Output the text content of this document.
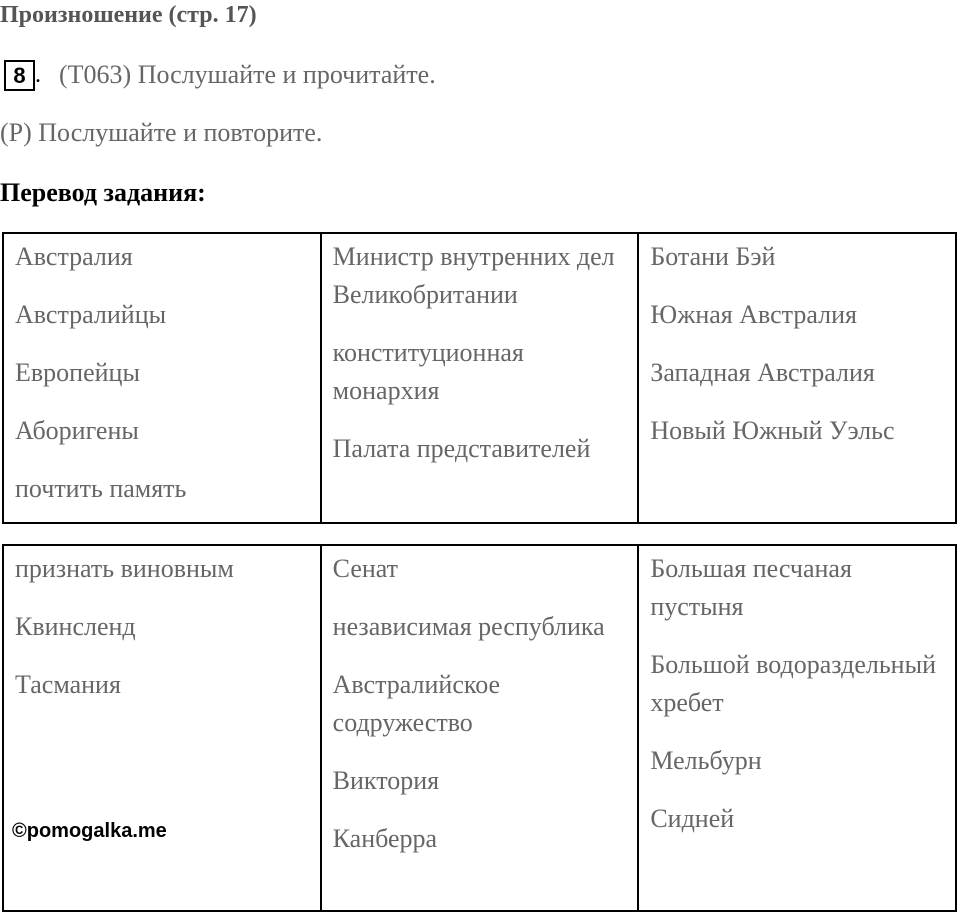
Произношение (стр. 17)
8 . (T063) Послушайте и прочитайте.
(P) Послушайте и повторите.
Перевод задания:
Австралия
Австралийцы
Европейцы
Аборигены
почтить память

Министр внутренних дел Великобритании
конституционная монархия
Палата представителей

Ботани Бэй
Южная Австралия
Западная Австралия
Новый Южный Уэльс
признать виновным
Квинсленд
Тасмания

Сенат
независимая республика
Австралийское содружество
Виктория
Канберра

Большая песчаная пустыня
Большой водораздельный хребет
Мельбурн
Сидней
©pomogalka.me
